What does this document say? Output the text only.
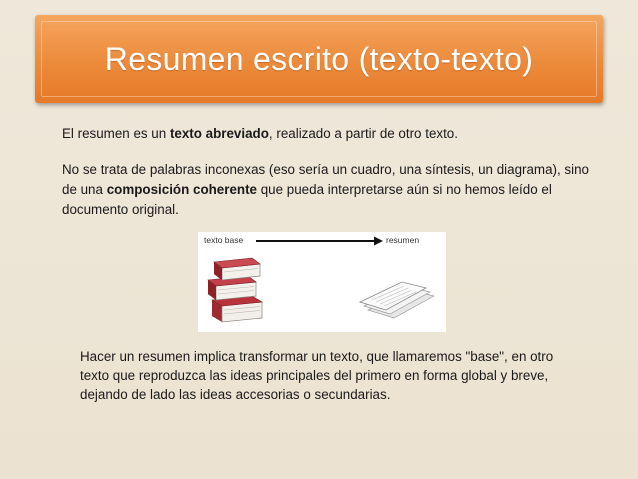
Resumen escrito (texto-texto)

El resumen es un texto abreviado, realizado a partir de otro texto.

No se trata de palabras inconexas (eso sería un cuadro, una síntesis, un diagrama), sino de una composición coherente que pueda interpretarse aún si no hemos leído el documento original.

texto base	resumen

Hacer un resumen implica transformar un texto, que llamaremos "base", en otro texto que reproduzca las ideas principales del primero en forma global y breve, dejando de lado las ideas accesorias o secundarias.
